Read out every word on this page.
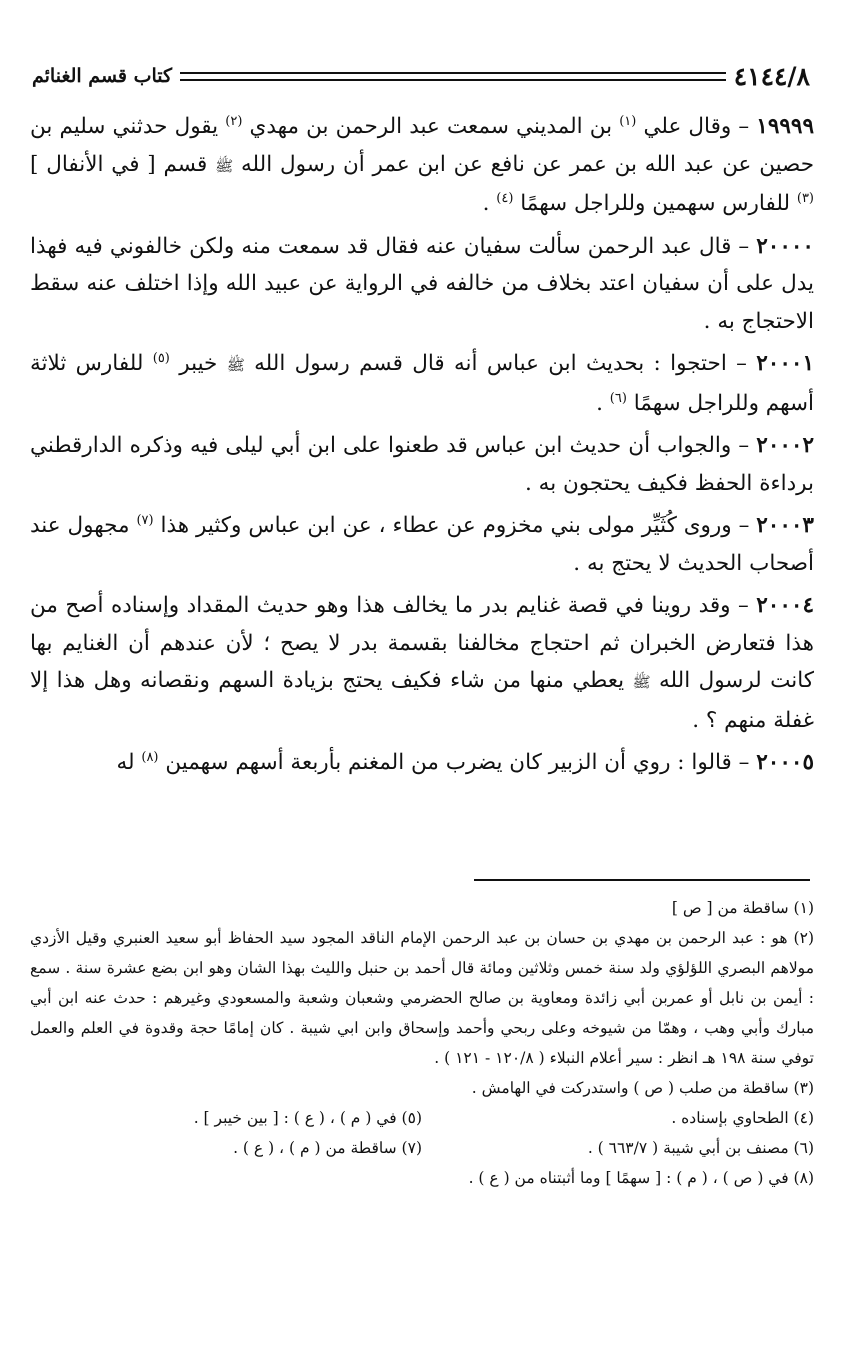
٤١٤٤/٨
كتاب قسم الغنائم

١٩٩٩٩ – وقال علي $^{(١)}$ بن المديني سمعت عبد الرحمن بن مهدي $^{(٢)}$ يقول حدثني سليم بن حصين عن عبد الله بن عمر عن نافع عن ابن عمر أن رسول الله ﷺ قسم [ في الأنفال ] $^{(٣)}$ للفارس سهمين وللراجل سهمًا $^{(٤)}$ .

٢٠٠٠٠ – قال عبد الرحمن سألت سفيان عنه فقال قد سمعت منه ولكن خالفوني فيه فهذا يدل على أن سفيان اعتد بخلاف من خالفه في الرواية عن عبيد الله وإذا اختلف عنه سقط الاحتجاج به .

٢٠٠٠١ – احتجوا : بحديث ابن عباس أنه قال قسم رسول الله ﷺ خيبر $^{(٥)}$ للفارس ثلاثة أسهم وللراجل سهمًا $^{(٦)}$ .

٢٠٠٠٢ – والجواب أن حديث ابن عباس قد طعنوا على ابن أبي ليلى فيه وذكره الدارقطني برداءة الحفظ فكيف يحتجون به .

٢٠٠٠٣ – وروى كُثَيِّر مولى بني مخزوم عن عطاء ، عن ابن عباس وكثير هذا $^{(٧)}$ مجهول عند أصحاب الحديث لا يحتج به .

٢٠٠٠٤ – وقد روينا في قصة غنايم بدر ما يخالف هذا وهو حديث المقداد وإسناده أصح من هذا فتعارض الخبران ثم احتجاج مخالفنا بقسمة بدر لا يصح ؛ لأن عندهم أن الغنايم بها كانت لرسول الله ﷺ يعطي منها من شاء فكيف يحتج بزيادة السهم ونقصانه وهل هذا إلا غفلة منهم ؟ .

٢٠٠٠٥ – قالوا : روي أن الزبير كان يضرب من المغنم بأربعة أسهم سهمين $^{(٨)}$ له

(١) ساقطة من [ ص ]

(٢) هو : عبد الرحمن بن مهدي بن حسان بن عبد الرحمن الإمام الناقد المجود سيد الحفاظ أبو سعيد العنبري وقيل الأزدي مولاهم البصري اللؤلؤي ولد سنة خمس وثلاثين ومائة قال أحمد بن حنبل والليث بهذا الشان وهو ابن بضع عشرة سنة . سمع : أيمن بن نابل أو عمربن أبي زائدة ومعاوية بن صالح الحضرمي وشعبان وشعبة والمسعودي وغيرهم : حدث عنه ابن أبي مبارك وأبي وهب ، وهمّا من شيوخه وعلى ربحي وأحمد وإسحاق وابن ابي شيبة . كان إمامًا حجة وقدوة في العلم والعمل توفي سنة ١٩٨ هـ انظر : سير أعلام النبلاء ( ١٢٠/٨ - ١٢١ ) .

(٣) ساقطة من صلب ( ص ) واستدركت في الهامش .

(٤) الطحاوي بإسناده .
(٥) في ( م ) ، ( ع ) : [ بين خيبر ] .
(٦) مصنف بن أبي شيبة ( ٦٦٣/٧ ) .
(٧) ساقطة من ( م ) ، ( ع ) .

(٨) في ( ص ) ، ( م ) : [ سهمًا ] وما أثبتناه من ( ع ) .
